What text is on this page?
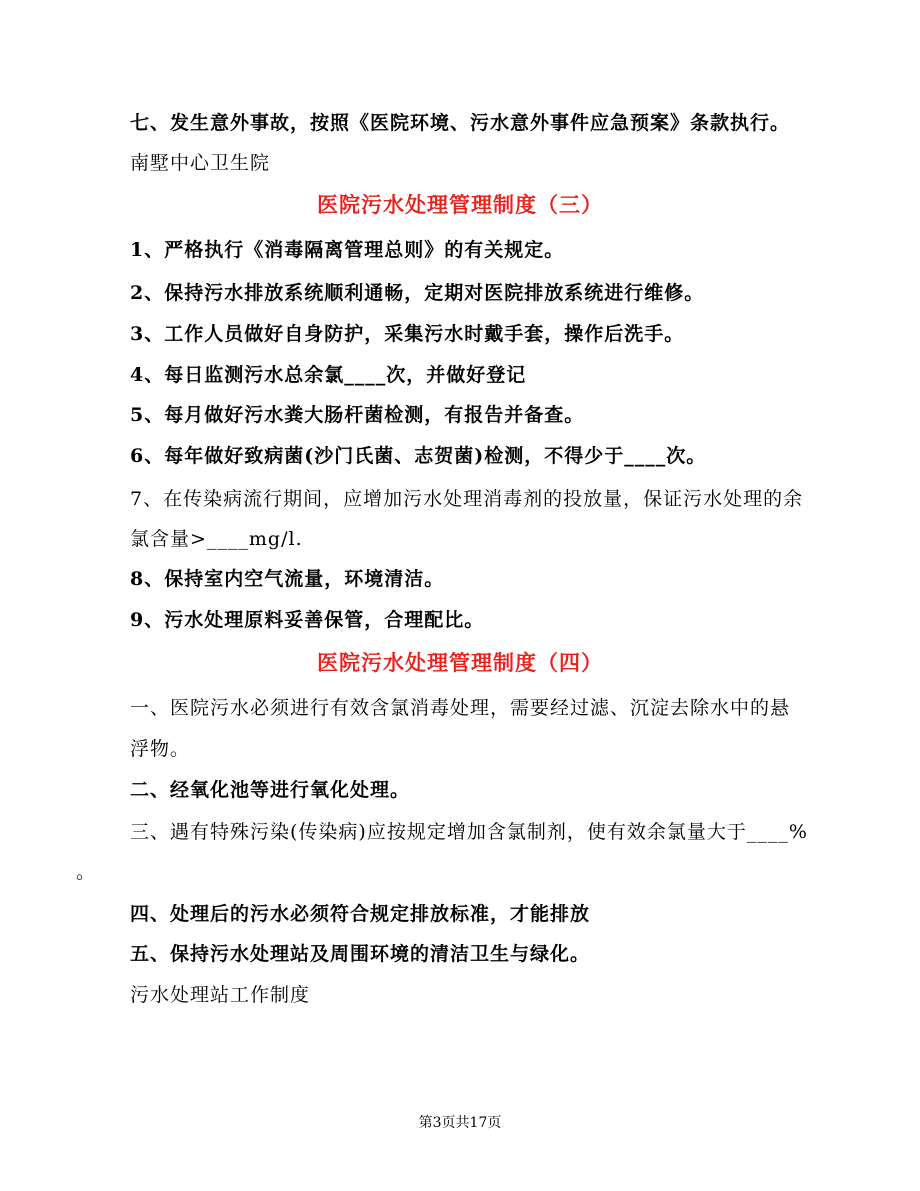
七、发生意外事故，按照《医院环境、污水意外事件应急预案》条款执行。
南墅中心卫生院
医院污水处理管理制度（三）
1、严格执行《消毒隔离管理总则》的有关规定。
2、保持污水排放系统顺利通畅，定期对医院排放系统进行维修。
3、工作人员做好自身防护，采集污水时戴手套，操作后洗手。
4、每日监测污水总余氯____次，并做好登记
5、每月做好污水粪大肠杆菌检测，有报告并备查。
6、每年做好致病菌(沙门氏菌、志贺菌)检测，不得少于____次。
7、在传染病流行期间，应增加污水处理消毒剂的投放量，保证污水处理的余
氯含量>____mg/l.
8、保持室内空气流量，环境清洁。
9、污水处理原料妥善保管，合理配比。
医院污水处理管理制度（四）
一、医院污水必须进行有效含氯消毒处理，需要经过滤、沉淀去除水中的悬
浮物。
二、经氧化池等进行氧化处理。
三、遇有特殊污染(传染病)应按规定增加含氯制剂，使有效余氯量大于____%
。
四、处理后的污水必须符合规定排放标准，才能排放
五、保持污水处理站及周围环境的清洁卫生与绿化。
污水处理站工作制度
第3页共17页
